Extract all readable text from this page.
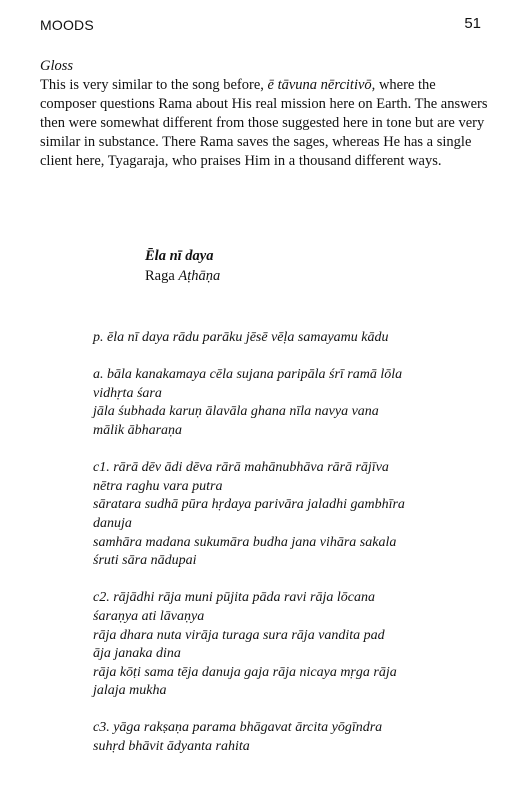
MOODS	51
Gloss

This is very similar to the song before, ē tāvuna nērcitivō, where the composer questions Rama about His real mission here on Earth. The answers then were somewhat different from those suggested here in tone but are very similar in substance. There Rama saves the sages, whereas He has a single client here, Tyagaraja, who praises Him in a thousand different ways.

Ēla nī daya
Raga Aṭhāṇa
p. ēla nī daya rādu parāku jēsē vēḷa samayamu kādu
a. bāla kanakamaya cēla sujana paripāla śrī ramā lōla
vidhṛta śara
jāla śubhada karuṇ ālavāla ghana nīla navya vana
mālik ābharaṇa
c1. rārā dēv ādi dēva rārā mahānubhāva rārā rājīva
nētra raghu vara putra
sāratara sudhā pūra hṛdaya parivāra jaladhi gambhīra
danuja
samhāra madana sukumāra budha jana vihāra sakala
śruti sāra nādupai
c2. rājādhi rāja muni pūjita pāda ravi rāja lōcana
śaraṇya ati lāvaṇya
rāja dhara nuta virāja turaga sura rāja vandita pad
āja janaka dina
rāja kōṭi sama tēja danuja gaja rāja nicaya mṛga rāja
jalaja mukha
c3. yāga rakṣaṇa parama bhāgavat ārcita yōgīndra
suhṛd bhāvit ādyanta rahita
